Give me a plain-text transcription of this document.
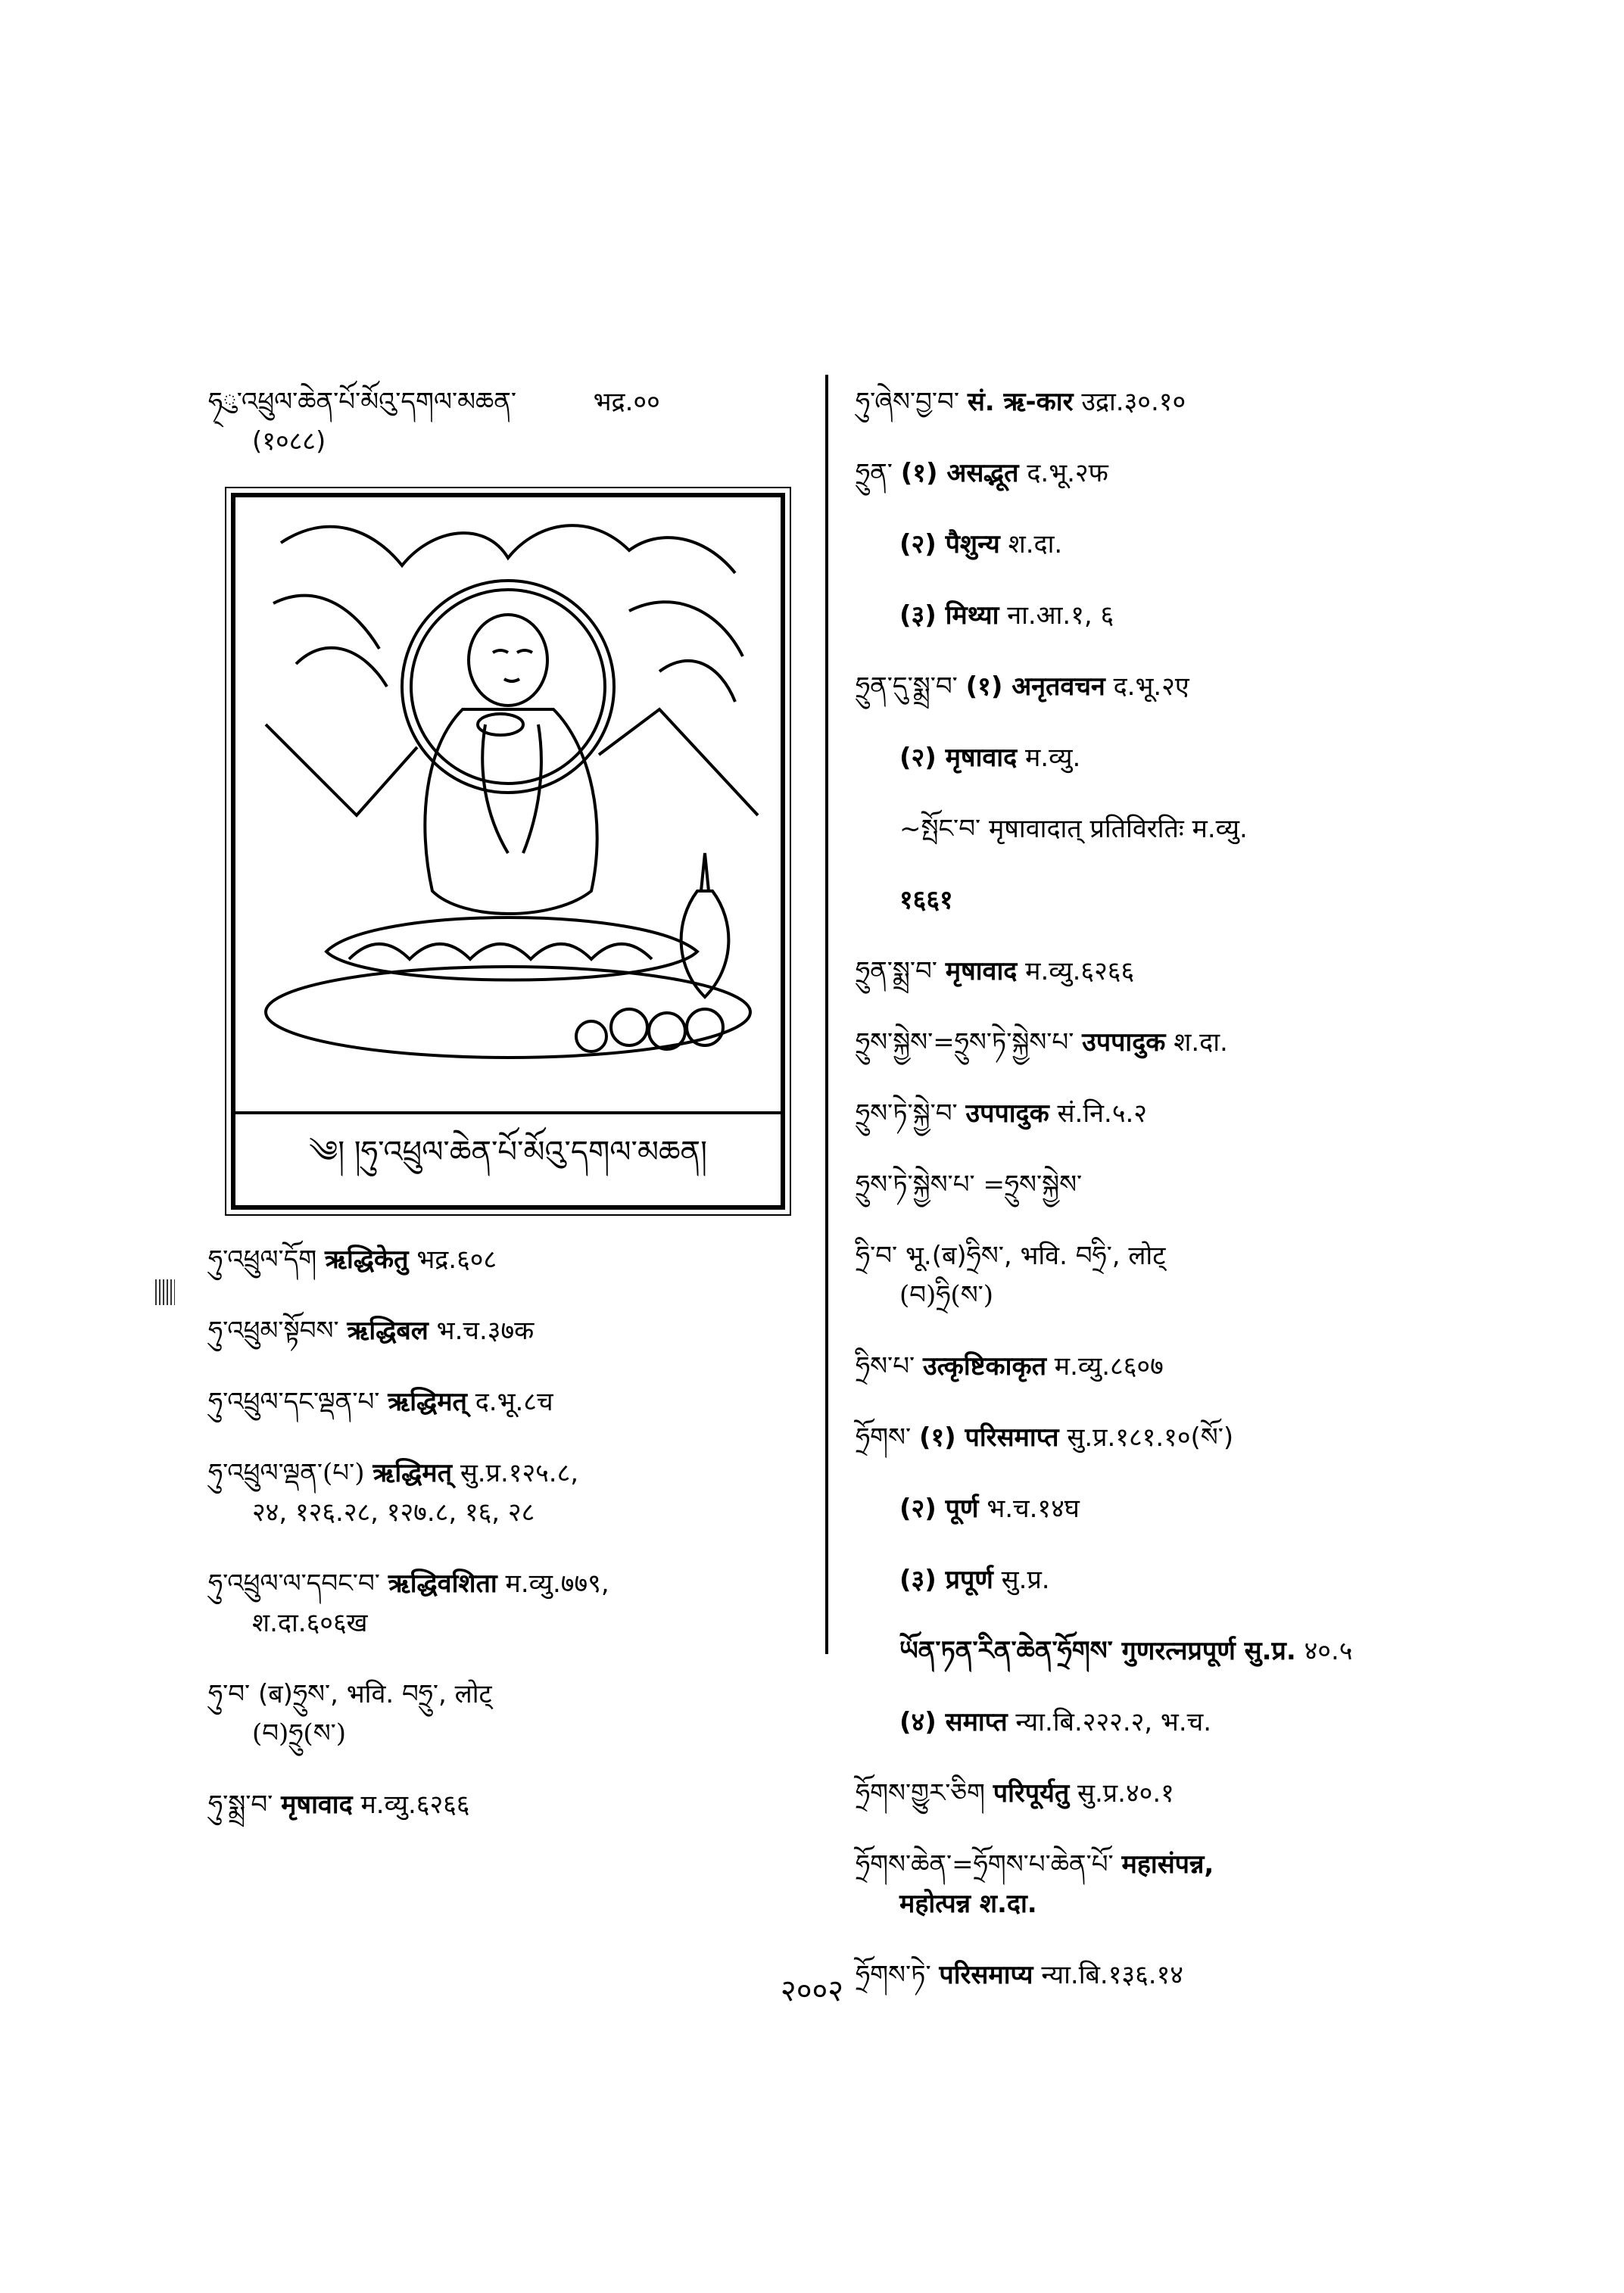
ཧ྄ུ་འཕྲུལ་ཆེན་པོ་མོའུ་དགལ་མཆན་	भद्र.००
(१०८८)
༄། །ཧུ་འཕྲུལ་ཆེན་པོ་མོའུ་དགལ་མཆན།
ཧུ་འཕྲུལ་དོག ऋद्धिकेतु भद्र.६०८
ཧུ་འཕྲུམ་སྟོབས་ ऋद्धिबल भ.च.३७क
ཧུ་འཕྲུལ་དང་ལྡན་པ་ ऋद्धिमत् द.भू.८च
ཧུ་འཕྲུལ་ལྡན་(པ་) ऋद्धिमत् सु.प्र.१२५.८,
२४, १२६.२८, १२७.८, १६, २८
ཧུ་འཕྲུལ་ལ་དབང་བ་ ऋद्धिवशिता म.व्यु.७७९,
श.दा.६०६ख
ཧུ་བ་ (ब)ཧྲུས་, भवि. བཧྲུ་, लोट्
(བ)ཧྲུ(ས་)
ཧུ་སྨྲ་བ་ मृषावाद म.व्यु.६२६६
ཧུ་ཞེས་བྱ་བ་ सं. ऋ-कार उद्रा.३०.१०
ཧྲུན་ (१) असद्भूत द.भू.२फ
(२) पैशुन्य श.दा.
(३) मिथ्या ना.आ.१, ६
ཧྲུན་དུ་སྨྲ་བ་ (१) अनृतवचन द.भू.२ए
(२) मृषावाद म.व्यु.
~སྤོང་བ་ मृषावादात् प्रतिविरतिः म.व्यु.
१६६१
ཧྲུན་སྨྲ་བ་ मृषावाद म.व्यु.६२६६
ཧྲུས་སྐྱེས་=ཧྲུས་ཏེ་སྐྱེས་པ་ उपपादुक श.दा.
ཧྲུས་ཏེ་སྐྱེ་བ་ उपपादुक सं.नि.५.२
ཧྲུས་ཏེ་སྐྱེས་པ་ =ཧྲུས་སྐྱེས་
ཧྲི་བ་ भू.(ब)ཧྲིས་, भवि. བཧྲི་, लोट्
(བ)ཧྲི(ས་)
ཧྲིས་པ་ उत्कृष्टिकाकृत म.व्यु.८६०७
ཧྲོགས་ (१) परिसमाप्त सु.प्र.१८१.१०(སོ་)
(२) पूर्ण भ.च.१४घ
(३) प्रपूर्ण सु.प्र.
ཡོན་ཏན་རིན་ཆེན་ཧྲོགས་ गुणरत्नप्रपूर्ण सु.प्र. ४०.५
(४) समाप्त न्या.बि.२२२.२, भ.च.
ཧྲོགས་གྱུར་ཅིག परिपूर्यतु सु.प्र.४०.१
ཧྲོགས་ཆེན་=ཧྲོགས་པ་ཆེན་པོ་ महासंपन्न,
महोत्पन्न श.दा.
ཧྲོགས་ཏེ་ परिसमाप्य न्या.बि.१३६.१४
२००२
